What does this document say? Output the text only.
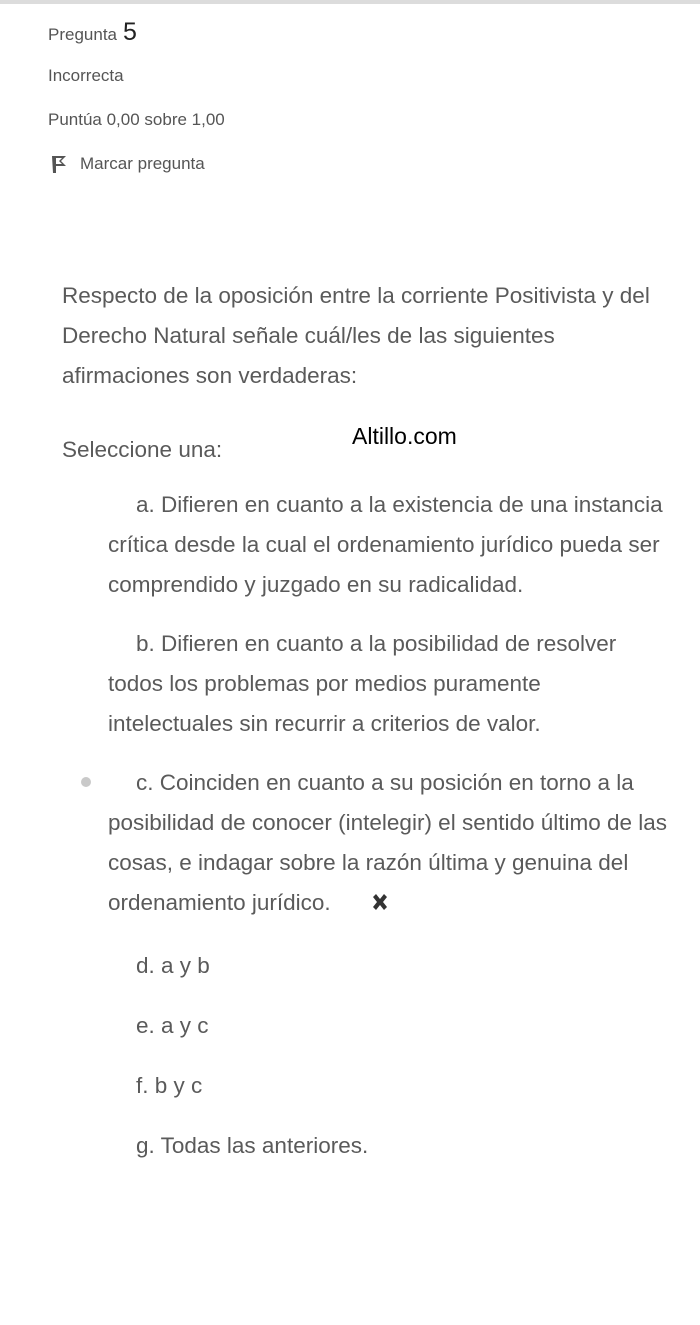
Pregunta 5
Incorrecta
Puntúa 0,00 sobre 1,00
Marcar pregunta
Respecto de la oposición entre la corriente Positivista y del Derecho Natural señale cuál/les de las siguientes afirmaciones son verdaderas:
Seleccione una:
Altillo.com
a. Difieren en cuanto a la existencia de una instancia crítica desde la cual el ordenamiento jurídico pueda ser comprendido y juzgado en su radicalidad.
b. Difieren en cuanto a la posibilidad de resolver todos los problemas por medios puramente intelectuales sin recurrir a criterios de valor.
c. Coinciden en cuanto a su posición en torno a la posibilidad de conocer (intelegir) el sentido último de las cosas, e indagar sobre la razón última y genuina del ordenamiento jurídico.
d. a y b
e. a y c
f. b y c
g. Todas las anteriores.
